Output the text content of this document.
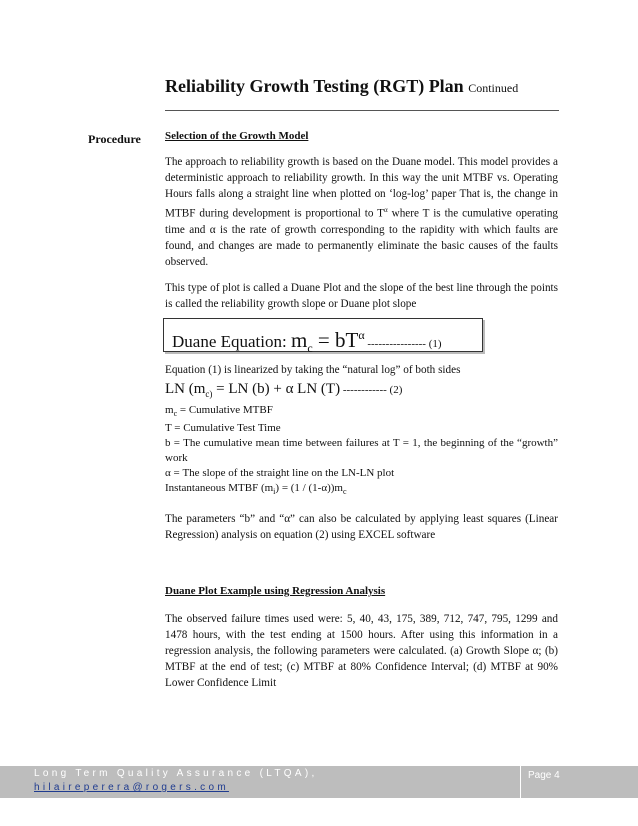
Reliability Growth Testing (RGT) Plan Continued
Procedure Selection of the Growth Model

The approach to reliability growth is based on the Duane model. This model provides a deterministic approach to reliability growth. In this way the unit MTBF vs. Operating Hours falls along a straight line when plotted on ‘log-log’ paper That is, the change in MTBF during development is proportional to $T^\alpha$ where T is the cumulative operating time and α is the rate of growth corresponding to the rapidity with which faults are found, and changes are made to permanently eliminate the basic causes of the faults observed.

This type of plot is called a Duane Plot and the slope of the best line through the points is called the reliability growth slope or Duane plot slope

Duane Equation: $m_c = bT^\alpha$ ---------------- (1)

Equation (1) is linearized by taking the “natural log” of both sides

LN ($m_{c)}$ = LN (b) + α LN (T) ------------ (2)

$m_c$ = Cumulative MTBF

T = Cumulative Test Time

b = The cumulative mean time between failures at T = 1, the beginning of the “growth” work

α = The slope of the straight line on the LN-LN plot

Instantaneous MTBF $(m_i) = (1 / (1-\alpha))m_c$

The parameters “b” and “α” can also be calculated by applying least squares (Linear Regression) analysis on equation (2) using EXCEL software

Duane Plot Example using Regression Analysis

The observed failure times used were: 5, 40, 43, 175, 389, 712, 747, 795, 1299 and 1478 hours, with the test ending at 1500 hours. After using this information in a regression analysis, the following parameters were calculated. (a) Growth Slope α; (b) MTBF at the end of test; (c) MTBF at 80% Confidence Interval; (d) MTBF at 90% Lower Confidence Limit

Long Term Quality Assurance (LTQA),
hilaireperera@rogers.com
Page 4
